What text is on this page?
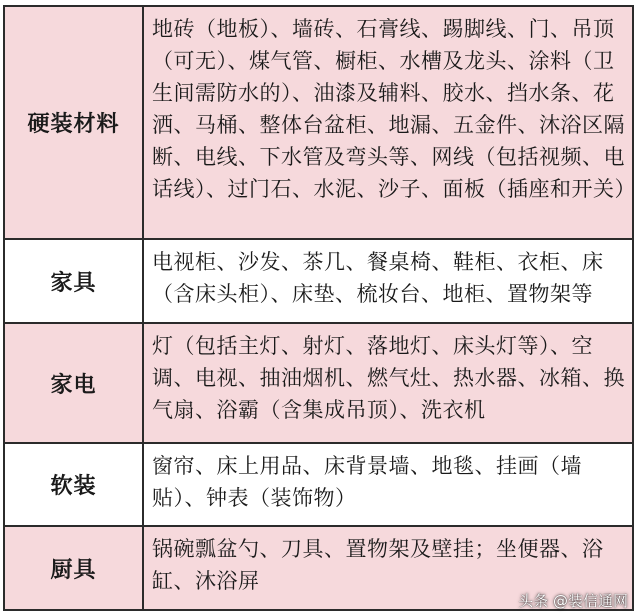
硬装材料	地砖（地板）、墙砖、石膏线、踢脚线、门、吊顶（可无）、煤气管、橱柜、水槽及龙头、涂料（卫生间需防水的）、油漆及辅料、胶水、挡水条、花洒、马桶、整体台盆柜、地漏、五金件、沐浴区隔断、电线、下水管及弯头等、网线（包括视频、电话线）、过门石、水泥、沙子、面板（插座和开关）
家具	电视柜、沙发、茶几、餐桌椅、鞋柜、衣柜、床（含床头柜）、床垫、梳妆台、地柜、置物架等
家电	灯（包括主灯、射灯、落地灯、床头灯等）、空调、电视、抽油烟机、燃气灶、热水器、冰箱、换气扇、浴霸（含集成吊顶）、洗衣机
软装	窗帘、床上用品、床背景墙、地毯、挂画（墙贴）、钟表（装饰物）
厨具	锅碗瓢盆勺、刀具、置物架及壁挂；坐便器、浴缸、沐浴屏
头条 @装信通网
